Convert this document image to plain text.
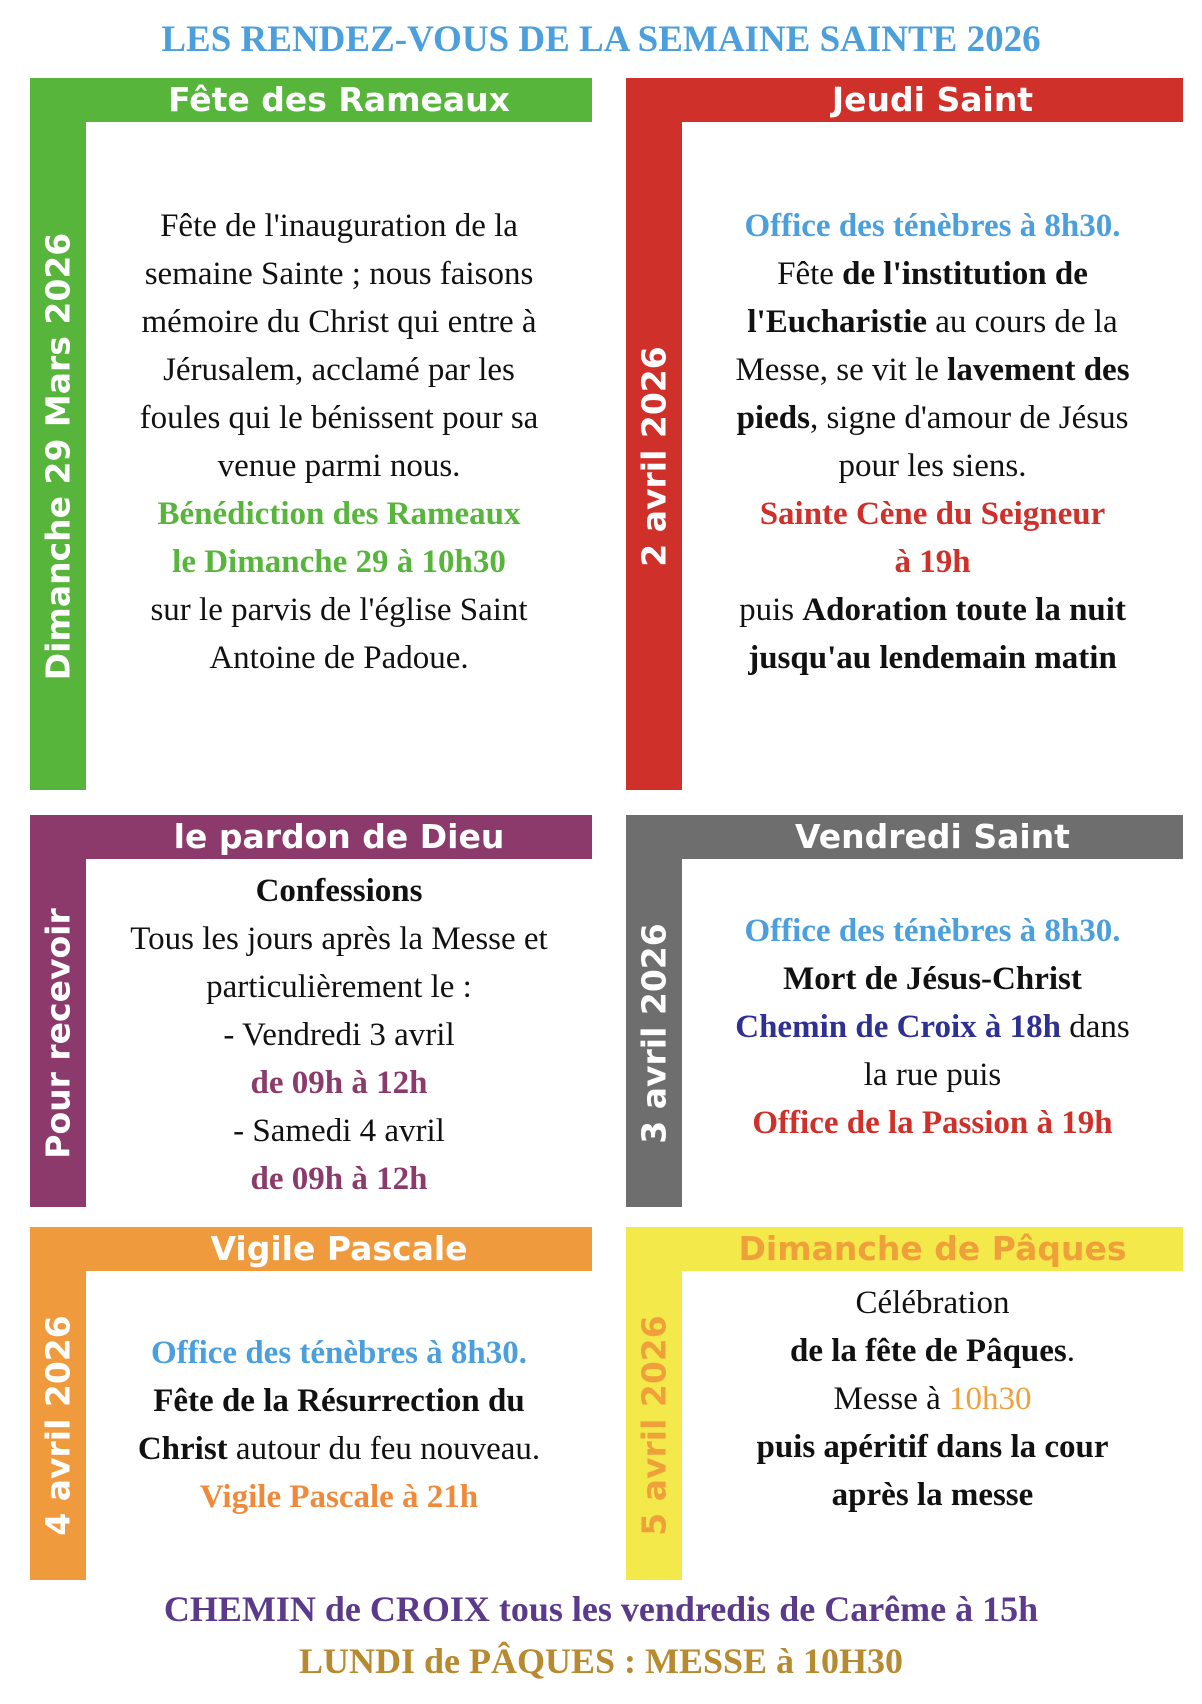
LES RENDEZ-VOUS DE LA SEMAINE SAINTE 2026
Fête des Rameaux
Dimanche 29 Mars 2026
Fête de l'inauguration de la
semaine Sainte ; nous faisons
mémoire du Christ qui entre à
Jérusalem, acclamé par les
foules qui le bénissent pour sa
venue parmi nous.
Bénédiction des Rameaux
le Dimanche 29 à 10h30
sur le parvis de l'église Saint
Antoine de Padoue.
Jeudi Saint
2 avril 2026
Office des ténèbres à 8h30.
Fête de l'institution de
l'Eucharistie au cours de la
Messe, se vit le lavement des
pieds, signe d'amour de Jésus
pour les siens.
Sainte Cène du Seigneur
à 19h
puis Adoration toute la nuit
jusqu'au lendemain matin
le pardon de Dieu
Pour recevoir
Confessions
Tous les jours après la Messe et
particulièrement le :
- Vendredi 3 avril
de 09h à 12h
- Samedi 4 avril
de 09h à 12h
Vendredi Saint
3 avril 2026	Office des ténèbres à 8h30.
Mort de Jésus-Christ
Chemin de Croix à 18h dans
la rue puis
Office de la Passion à 19h
Vigile Pascale
4 avril 2026	Office des ténèbres à 8h30.
Fête de la Résurrection du
Christ autour du feu nouveau.
Vigile Pascale à 21h
Dimanche de Pâques
5 avril 2026
Célébration
de la fête de Pâques.
Messe à 10h30
puis apéritif dans la cour
après la messe
CHEMIN de CROIX tous les vendredis de Carême à 15h
LUNDI de PÂQUES : MESSE à 10H30
